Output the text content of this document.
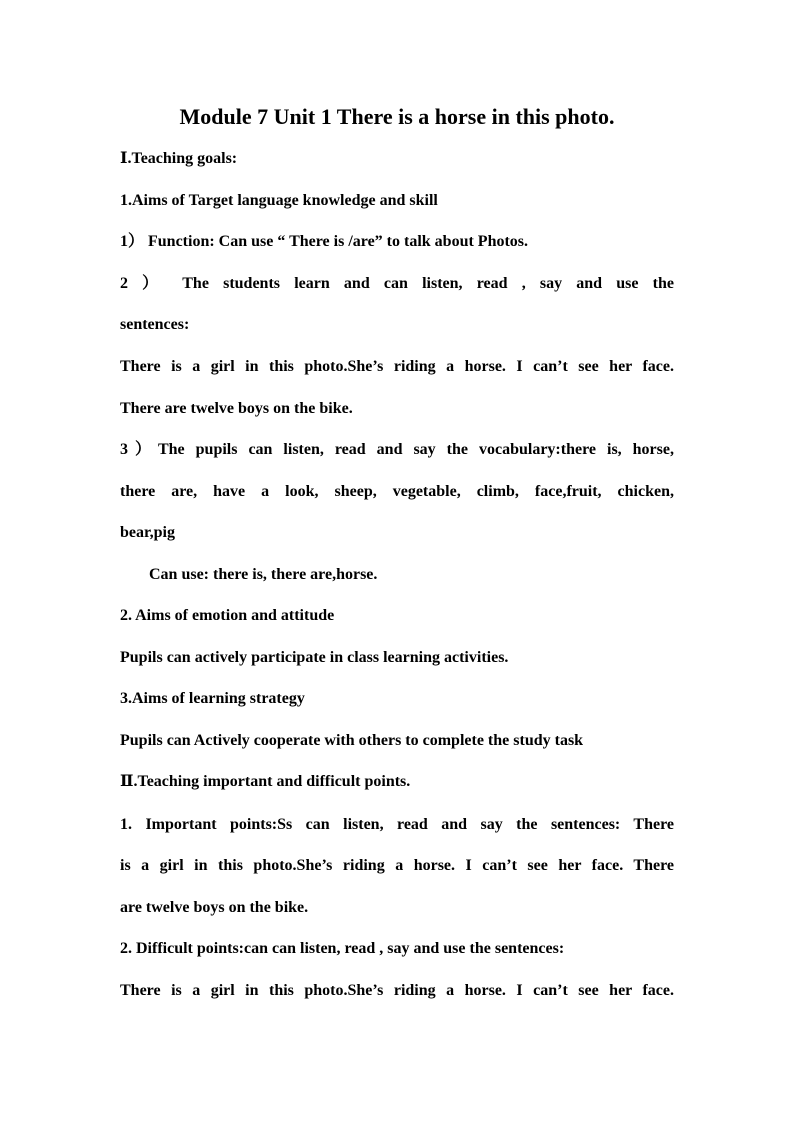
Module 7 Unit 1 There is a horse in this photo.
Ⅰ.Teaching goals:
1.Aims of Target language knowledge and skill
1） Function: Can use “ There is /are” to talk about Photos.
2 ） The students learn and can listen, read , say and use the
sentences:
There is a girl in this photo.She’s riding a horse. I can’t see her face.
There are twelve boys on the bike.
3）The pupils can listen, read and say the vocabulary:there is, horse,
there are, have a look, sheep, vegetable, climb, face,fruit, chicken,
bear,pig
Can use: there is, there are,horse.
2. Aims of emotion and attitude
Pupils can actively participate in class learning activities.
3.Aims of learning strategy
Pupils can Actively cooperate with others to complete the study task
Ⅱ.Teaching important and difficult points.
1. Important points:Ss can listen, read and say the sentences: There
is a girl in this photo.She’s riding a horse. I can’t see her face. There
are twelve boys on the bike.
2. Difficult points:can can listen, read , say and use the sentences:
There is a girl in this photo.She’s riding a horse. I can’t see her face.
